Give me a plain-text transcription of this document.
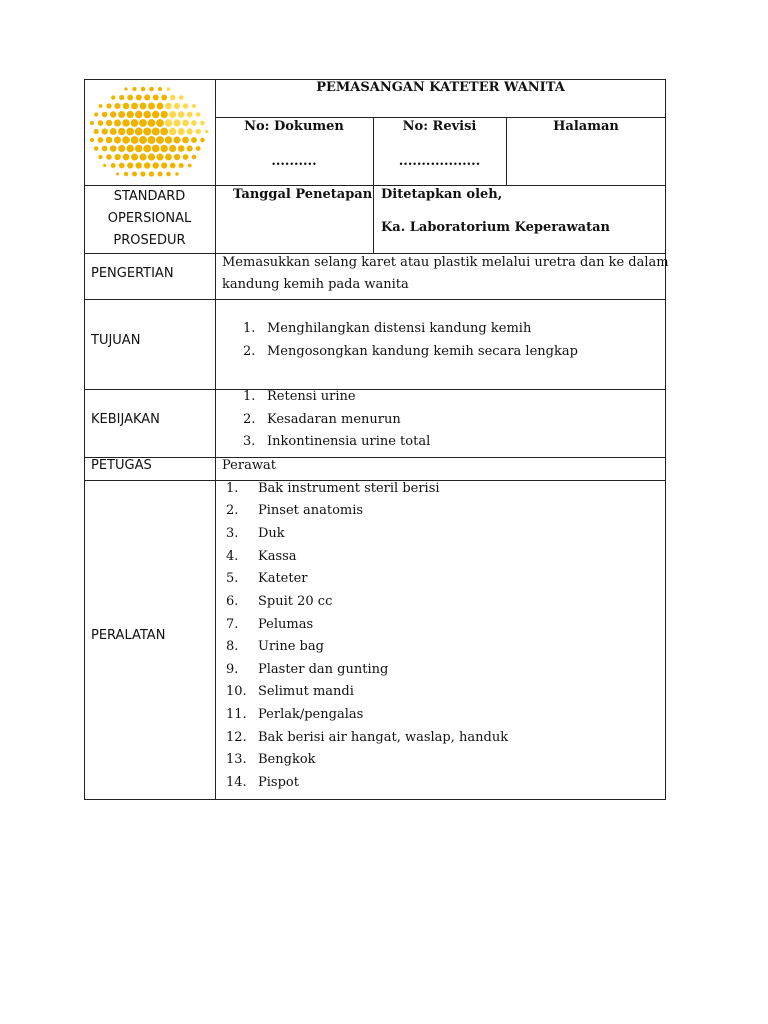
PEMASANGAN KATETER WANITA
No: Dokumen
..........
No: Revisi
..................
Halaman
STANDARD
OPERSIONAL
PROSEDUR
Tanggal Penetapan Ditetapkan oleh,
Ka. Laboratorium Keperawatan
PENGERTIAN
Memasukkan selang karet atau plastik melalui uretra dan ke dalam
kandung kemih pada wanita
TUJUAN
1. Menghilangkan distensi kandung kemih
2. Mengosongkan kandung kemih secara lengkap
KEBIJAKAN
1. Retensi urine
2. Kesadaran menurun
3. Inkontinensia urine total
PETUGAS	Perawat
PERALATAN
1. Bak instrument steril berisi
2. Pinset anatomis
3. Duk
4. Kassa
5. Kateter
6. Spuit 20 cc
7. Pelumas
8. Urine bag
9. Plaster dan gunting
10. Selimut mandi
11. Perlak/pengalas
12. Bak berisi air hangat, waslap, handuk
13. Bengkok
14. Pispot
